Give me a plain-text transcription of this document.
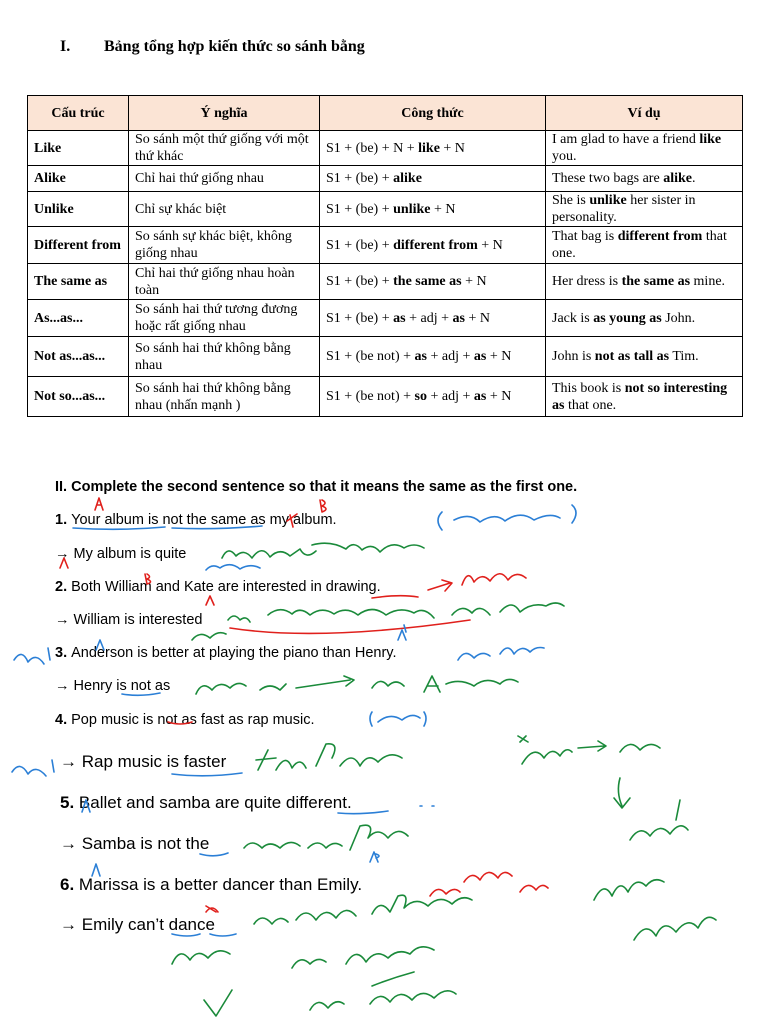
I. Bảng tổng hợp kiến thức so sánh bằng
Cấu trúc	Ý nghĩa	Công thức	Ví dụ
Like	So sánh một thứ giống với một thứ khác	S1 + (be) + N + like + N	I am glad to have a friend like you.
Alike	Chỉ hai thứ giống nhau	S1 + (be) + alike	These two bags are alike.
Unlike	Chỉ sự khác biệt	S1 + (be) + unlike + N	She is unlike her sister in personality.
Different from	So sánh sự khác biệt, không giống nhau	S1 + (be) + different from + N	That bag is different from that one.
The same as	Chỉ hai thứ giống nhau hoàn toàn	S1 + (be) + the same as + N	Her dress is the same as mine.
As...as...	So sánh hai thứ tương đương hoặc rất giống nhau	S1 + (be) + as + adj + as + N	Jack is as young as John.
Not as...as...	So sánh hai thứ không bằng nhau	S1 + (be not) + as + adj + as + N	John is not as tall as Tim.
Not so...as...	So sánh hai thứ không bằng nhau (nhấn mạnh )	S1 + (be not) + so + adj + as + N	This book is not so interesting as that one.
II. Complete the second sentence so that it means the same as the first one.
1. Your album is not the same as my album.
→ My album is quite
2. Both William and Kate are interested in drawing.
→ William is interested
3. Anderson is better at playing the piano than Henry.
→ Henry is not as
4. Pop music is not as fast as rap music.
→ Rap music is faster
5. Ballet and samba are quite different.
→ Samba is not the
6. Marissa is a better dancer than Emily.
→ Emily can’t dance
